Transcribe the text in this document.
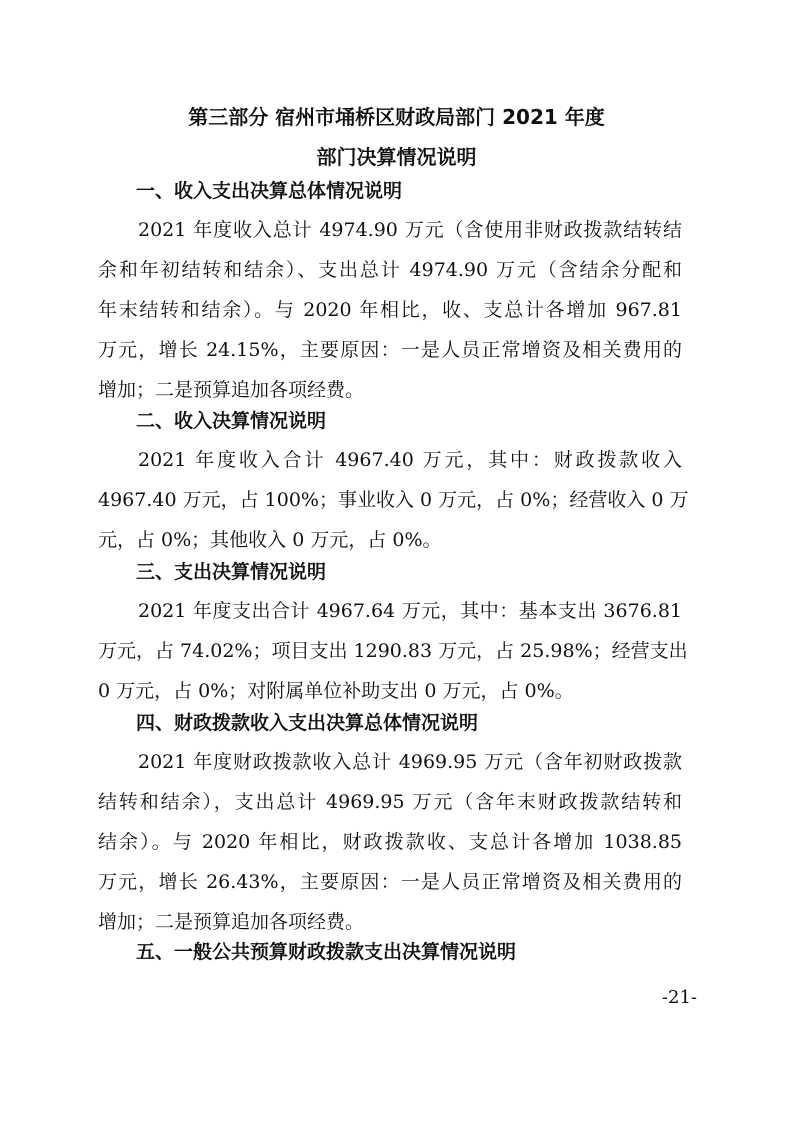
第三部分 宿州市埇桥区财政局部门 2021 年度
部门决算情况说明
一、收入支出决算总体情况说明
2021 年度收入总计 4974.90 万元（含使用非财政拨款结转结
余和年初结转和结余）、支出总计 4974.90 万元（含结余分配和
年末结转和结余）。与 2020 年相比，收、支总计各增加 967.81
万元，增长 24.15%，主要原因：一是人员正常增资及相关费用的
增加；二是预算追加各项经费。
二、收入决算情况说明
2021 年度收入合计 4967.40 万元，其中：财政拨款收入
4967.40 万元，占 100%；事业收入 0 万元，占 0%；经营收入 0 万
元，占 0%；其他收入 0 万元，占 0%。
三、支出决算情况说明
2021 年度支出合计 4967.64 万元，其中：基本支出 3676.81
万元，占 74.02%；项目支出 1290.83 万元，占 25.98%；经营支出
0 万元，占 0%；对附属单位补助支出 0 万元，占 0%。
四、财政拨款收入支出决算总体情况说明
2021 年度财政拨款收入总计 4969.95 万元（含年初财政拨款
结转和结余），支出总计 4969.95 万元（含年末财政拨款结转和
结余）。与 2020 年相比，财政拨款收、支总计各增加 1038.85
万元，增长 26.43%，主要原因：一是人员正常增资及相关费用的
增加；二是预算追加各项经费。
五、一般公共预算财政拨款支出决算情况说明
-21-
